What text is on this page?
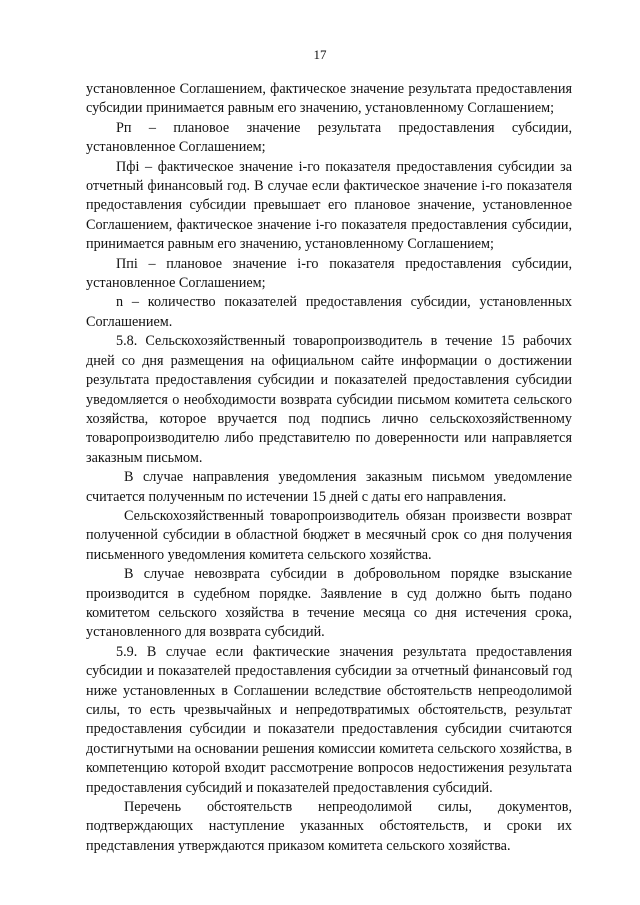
17

установленное Соглашением, фактическое значение результата предоставления субсидии принимается равным его значению, установленному Соглашением;

Рп – плановое значение результата предоставления субсидии, установленное Соглашением;

Пфi – фактическое значение i-го показателя предоставления субсидии за отчетный финансовый год. В случае если фактическое значение i-го показателя предоставления субсидии превышает его плановое значение, установленное Соглашением, фактическое значение i-го показателя предоставления субсидии, принимается равным его значению, установленному Соглашением;

Ппi – плановое значение i-го показателя предоставления субсидии, установленное Соглашением;

n – количество показателей предоставления субсидии, установленных Соглашением.

5.8. Сельскохозяйственный товаропроизводитель в течение 15 рабочих дней со дня размещения на официальном сайте информации о достижении результата предоставления субсидии и показателей предоставления субсидии уведомляется о необходимости возврата субсидии письмом комитета сельского хозяйства, которое вручается под подпись лично сельскохозяйственному товаропроизводителю либо представителю по доверенности или направляется заказным письмом.

В случае направления уведомления заказным письмом уведомление считается полученным по истечении 15 дней с даты его направления.

Сельскохозяйственный товаропроизводитель обязан произвести возврат полученной субсидии в областной бюджет в месячный срок со дня получения письменного уведомления комитета сельского хозяйства.

В случае невозврата субсидии в добровольном порядке взыскание производится в судебном порядке. Заявление в суд должно быть подано комитетом сельского хозяйства в течение месяца со дня истечения срока, установленного для возврата субсидий.

5.9. В случае если фактические значения результата предоставления субсидии и показателей предоставления субсидии за отчетный финансовый год ниже установленных в Соглашении вследствие обстоятельств непреодолимой силы, то есть чрезвычайных и непредотвратимых обстоятельств, результат предоставления субсидии и показатели предоставления субсидии считаются достигнутыми на основании решения комиссии комитета сельского хозяйства, в компетенцию которой входит рассмотрение вопросов недостижения результата предоставления субсидий и показателей предоставления субсидий.

Перечень обстоятельств непреодолимой силы, документов, подтверждающих наступление указанных обстоятельств, и сроки их представления утверждаются приказом комитета сельского хозяйства.
